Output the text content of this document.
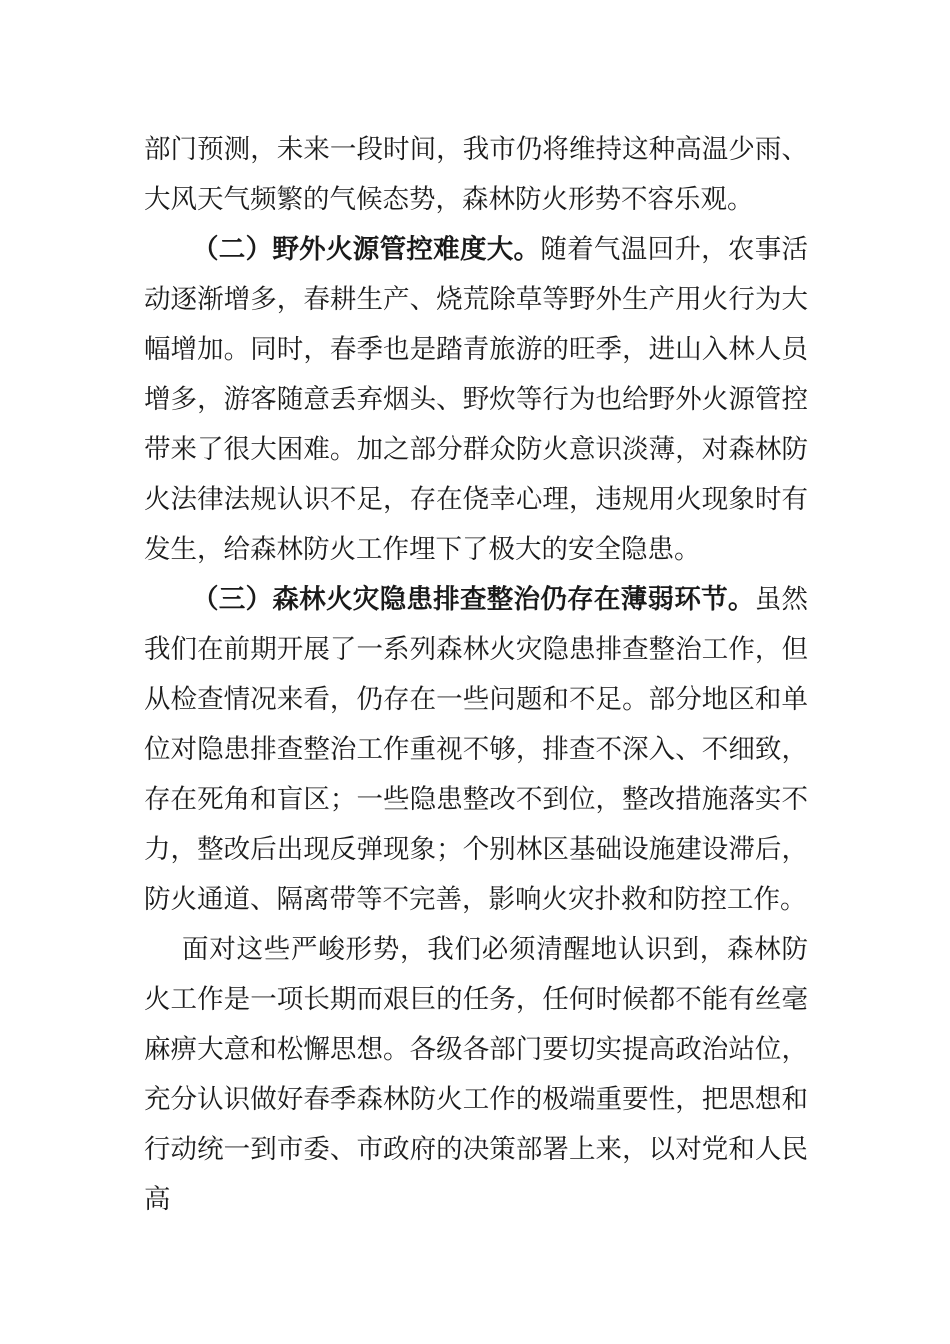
部门预测，未来一段时间，我市仍将维持这种高温少雨、大风天气频繁的气候态势，森林防火形势不容乐观。

（二）野外火源管控难度大。随着气温回升，农事活动逐渐增多，春耕生产、烧荒除草等野外生产用火行为大幅增加。同时，春季也是踏青旅游的旺季，进山入林人员增多，游客随意丢弃烟头、野炊等行为也给野外火源管控带来了很大困难。加之部分群众防火意识淡薄，对森林防火法律法规认识不足，存在侥幸心理，违规用火现象时有发生，给森林防火工作埋下了极大的安全隐患。

（三）森林火灾隐患排查整治仍存在薄弱环节。虽然我们在前期开展了一系列森林火灾隐患排查整治工作，但从检查情况来看，仍存在一些问题和不足。部分地区和单位对隐患排查整治工作重视不够，排查不深入、不细致，存在死角和盲区；一些隐患整改不到位，整改措施落实不力，整改后出现反弹现象；个别林区基础设施建设滞后，防火通道、隔离带等不完善，影响火灾扑救和防控工作。

面对这些严峻形势，我们必须清醒地认识到，森林防火工作是一项长期而艰巨的任务，任何时候都不能有丝毫麻痹大意和松懈思想。各级各部门要切实提高政治站位，充分认识做好春季森林防火工作的极端重要性，把思想和行动统一到市委、市政府的决策部署上来，以对党和人民高
